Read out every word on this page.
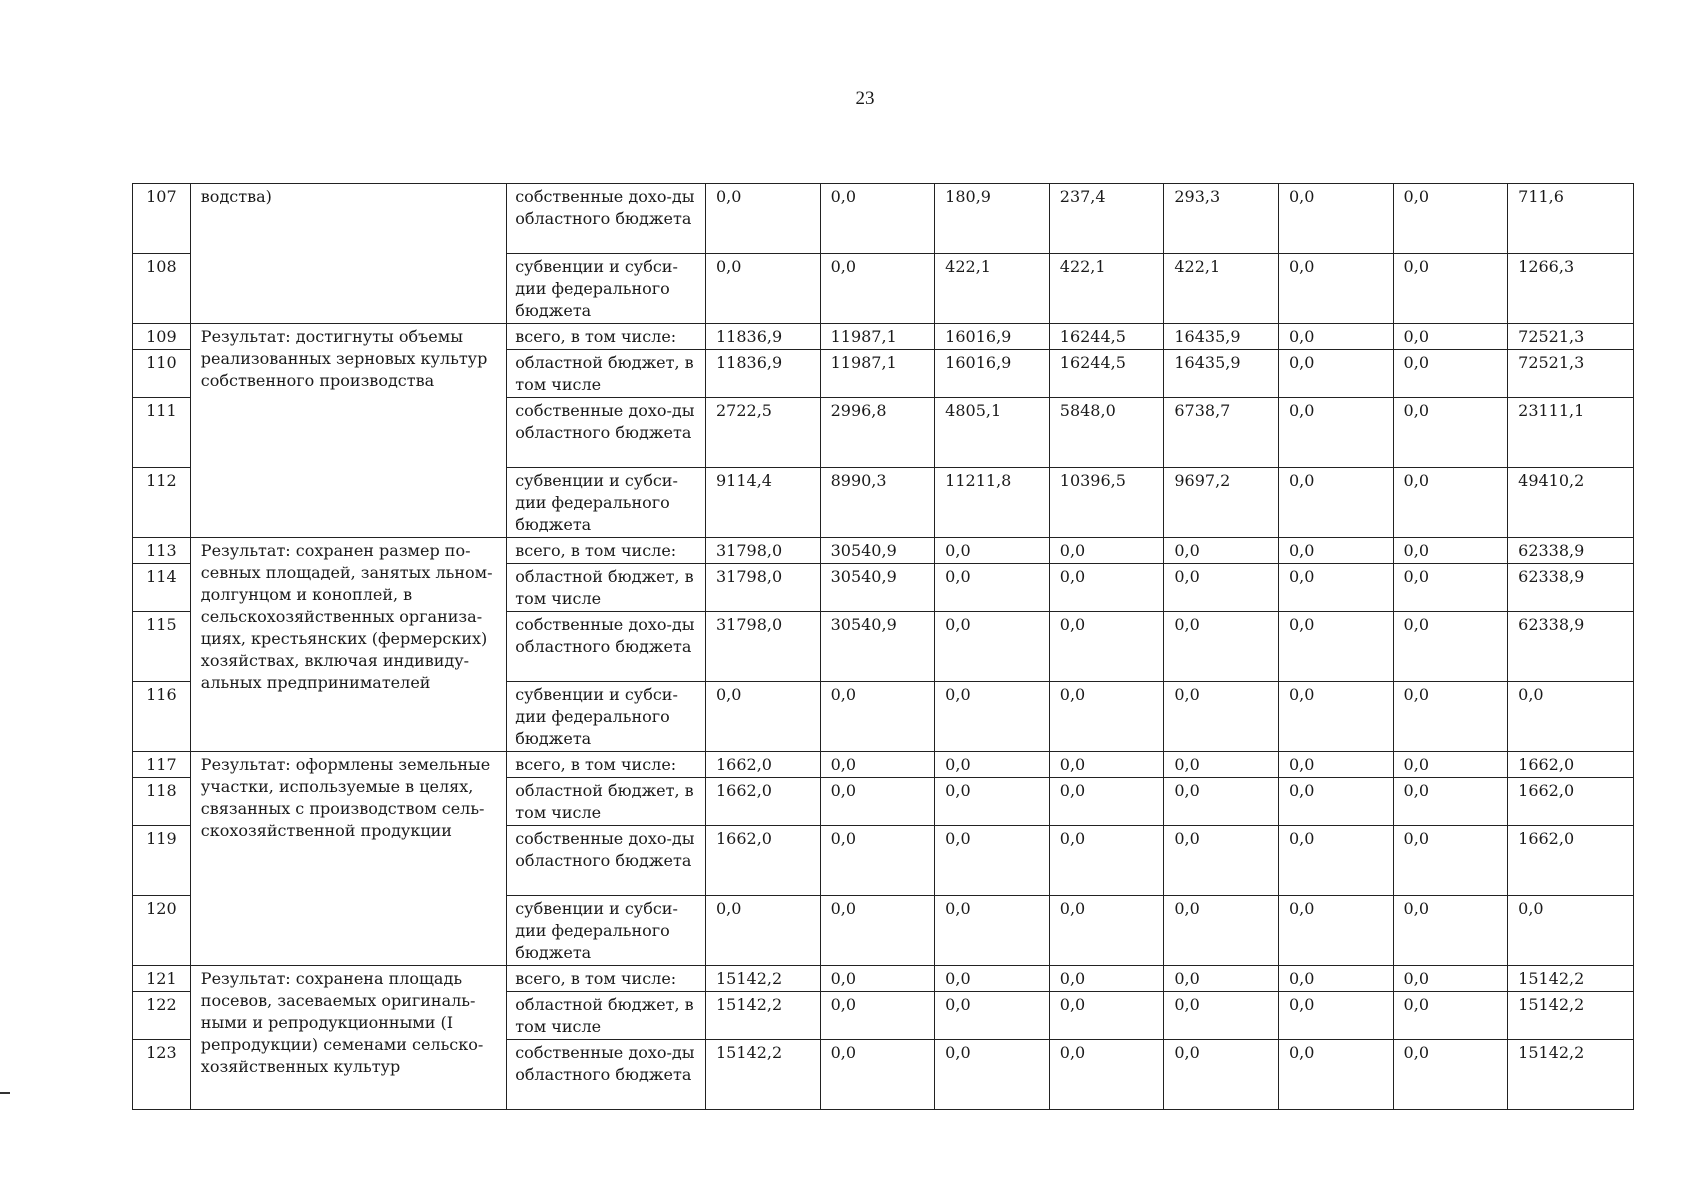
23
107	водства)	собственные дохо-ды областного бюджета	0,0	0,0	180,9	237,4	293,3	0,0	0,0	711,6
108		субвенции и субси-дии федерального бюджета	0,0	0,0	422,1	422,1	422,1	0,0	0,0	1266,3
109	Результат: достигнуты объемы реализованных зерновых культур собственного производства	всего, в том числе:	11836,9	11987,1	16016,9	16244,5	16435,9	0,0	0,0	72521,3
110		областной бюджет, в том числе	11836,9	11987,1	16016,9	16244,5	16435,9	0,0	0,0	72521,3
111		собственные дохо-ды областного бюджета	2722,5	2996,8	4805,1	5848,0	6738,7	0,0	0,0	23111,1
112		субвенции и субси-дии федерального бюджета	9114,4	8990,3	11211,8	10396,5	9697,2	0,0	0,0	49410,2
113	Результат: сохранен размер по-севных площадей, занятых льном-долгунцом и коноплей, в сельскохозяйственных организа-циях, крестьянских (фермерских) хозяйствах, включая индивиду-альных предпринимателей	всего, в том числе:	31798,0	30540,9	0,0	0,0	0,0	0,0	0,0	62338,9
114		областной бюджет, в том числе	31798,0	30540,9	0,0	0,0	0,0	0,0	0,0	62338,9
115		собственные дохо-ды областного бюджета	31798,0	30540,9	0,0	0,0	0,0	0,0	0,0	62338,9
116		субвенции и субси-дии федерального бюджета	0,0	0,0	0,0	0,0	0,0	0,0	0,0	0,0
117	Результат: оформлены земельные участки, используемые в целях, связанных с производством сель-скохозяйственной продукции	всего, в том числе:	1662,0	0,0	0,0	0,0	0,0	0,0	0,0	1662,0
118		областной бюджет, в том числе	1662,0	0,0	0,0	0,0	0,0	0,0	0,0	1662,0
119		собственные дохо-ды областного бюджета	1662,0	0,0	0,0	0,0	0,0	0,0	0,0	1662,0
120		субвенции и субси-дии федерального бюджета	0,0	0,0	0,0	0,0	0,0	0,0	0,0	0,0
121	Результат: сохранена площадь посевов, засеваемых оригиналь-ными и репродукционными (I репродукции) семенами сельско-хозяйственных культур	всего, в том числе:	15142,2	0,0	0,0	0,0	0,0	0,0	0,0	15142,2
122		областной бюджет, в том числе	15142,2	0,0	0,0	0,0	0,0	0,0	0,0	15142,2
123		собственные дохо-ды областного бюджета	15142,2	0,0	0,0	0,0	0,0	0,0	0,0	15142,2
